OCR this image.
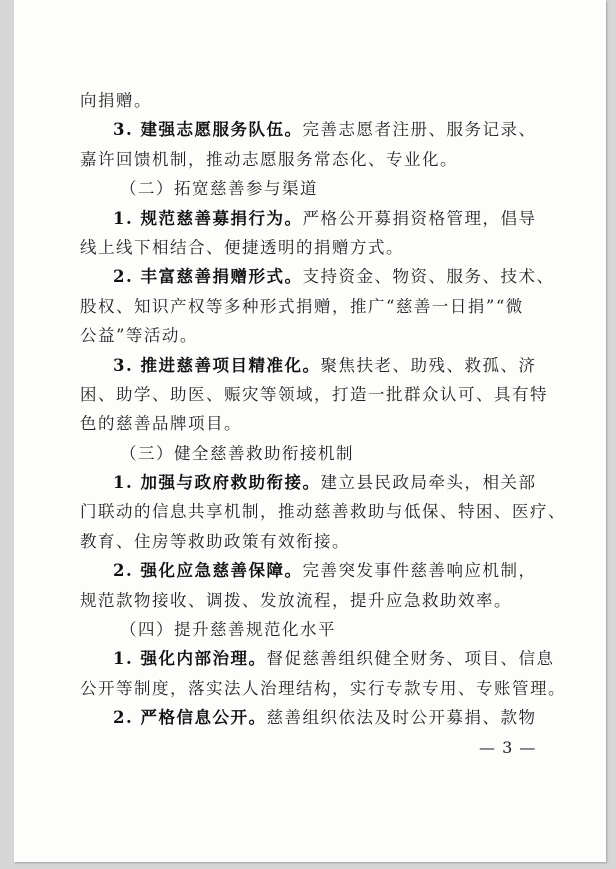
向捐赠。
3. 建强志愿服务队伍。完善志愿者注册、服务记录、
嘉许回馈机制，推动志愿服务常态化、专业化。
（二）拓宽慈善参与渠道
1. 规范慈善募捐行为。严格公开募捐资格管理，倡导
线上线下相结合、便捷透明的捐赠方式。
2. 丰富慈善捐赠形式。支持资金、物资、服务、技术、
股权、知识产权等多种形式捐赠，推广“慈善一日捐”“微
公益”等活动。
3. 推进慈善项目精准化。聚焦扶老、助残、救孤、济
困、助学、助医、赈灾等领域，打造一批群众认可、具有特
色的慈善品牌项目。
（三）健全慈善救助衔接机制
1. 加强与政府救助衔接。建立县民政局牵头，相关部
门联动的信息共享机制，推动慈善救助与低保、特困、医疗、
教育、住房等救助政策有效衔接。
2. 强化应急慈善保障。完善突发事件慈善响应机制，
规范款物接收、调拨、发放流程，提升应急救助效率。
（四）提升慈善规范化水平
1. 强化内部治理。督促慈善组织健全财务、项目、信息
公开等制度，落实法人治理结构，实行专款专用、专账管理。
2. 严格信息公开。慈善组织依法及时公开募捐、款物
— 3 —
